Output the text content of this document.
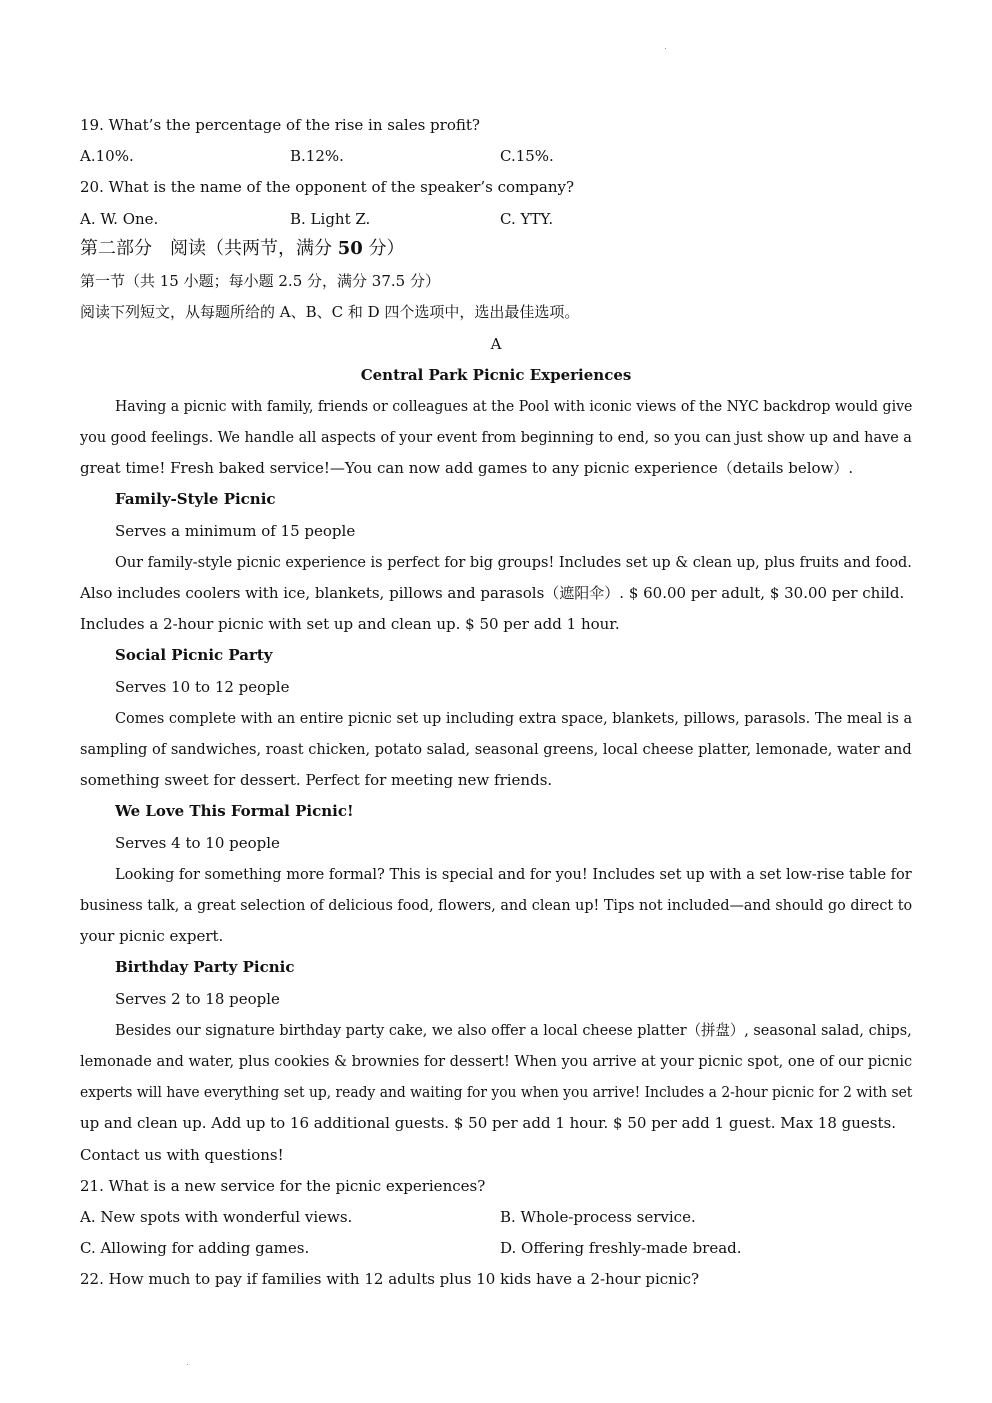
19. What’s the percentage of the rise in sales profit?
A.10%.	B.12%.	C.15%.
20. What is the name of the opponent of the speaker’s company?
A. W. One.	B. Light Z.	C. YTY.
第二部分　阅读（共两节，满分 50 分）
第一节（共 15 小题；每小题 2.5 分，满分 37.5 分）
阅读下列短文，从每题所给的 A、B、C 和 D 四个选项中，选出最佳选项。
A
Central Park Picnic Experiences
Having a picnic with family, friends or colleagues at the Pool with iconic views of the NYC backdrop would give
you good feelings. We handle all aspects of your event from beginning to end, so you can just show up and have a
great time! Fresh baked service!—You can now add games to any picnic experience（details below）.
Family-Style Picnic
Serves a minimum of 15 people
Our family-style picnic experience is perfect for big groups! Includes set up & clean up, plus fruits and food.
Also includes coolers with ice, blankets, pillows and parasols（遮阳伞）. $ 60.00 per adult, $ 30.00 per child.
Includes a 2-hour picnic with set up and clean up. $ 50 per add 1 hour.
Social Picnic Party
Serves 10 to 12 people
Comes complete with an entire picnic set up including extra space, blankets, pillows, parasols. The meal is a
sampling of sandwiches, roast chicken, potato salad, seasonal greens, local cheese platter, lemonade, water and
something sweet for dessert. Perfect for meeting new friends.
We Love This Formal Picnic!
Serves 4 to 10 people
Looking for something more formal? This is special and for you! Includes set up with a set low-rise table for
business talk, a great selection of delicious food, flowers, and clean up! Tips not included—and should go direct to
your picnic expert.
Birthday Party Picnic
Serves 2 to 18 people
Besides our signature birthday party cake, we also offer a local cheese platter（拼盘）, seasonal salad, chips,
lemonade and water, plus cookies & brownies for dessert! When you arrive at your picnic spot, one of our picnic
experts will have everything set up, ready and waiting for you when you arrive! Includes a 2-hour picnic for 2 with set
up and clean up. Add up to 16 additional guests. $ 50 per add 1 hour. $ 50 per add 1 guest. Max 18 guests.
Contact us with questions!
21. What is a new service for the picnic experiences?
A. New spots with wonderful views.	B. Whole-process service.
C. Allowing for adding games.	D. Offering freshly-made bread.
22. How much to pay if families with 12 adults plus 10 kids have a 2-hour picnic?
